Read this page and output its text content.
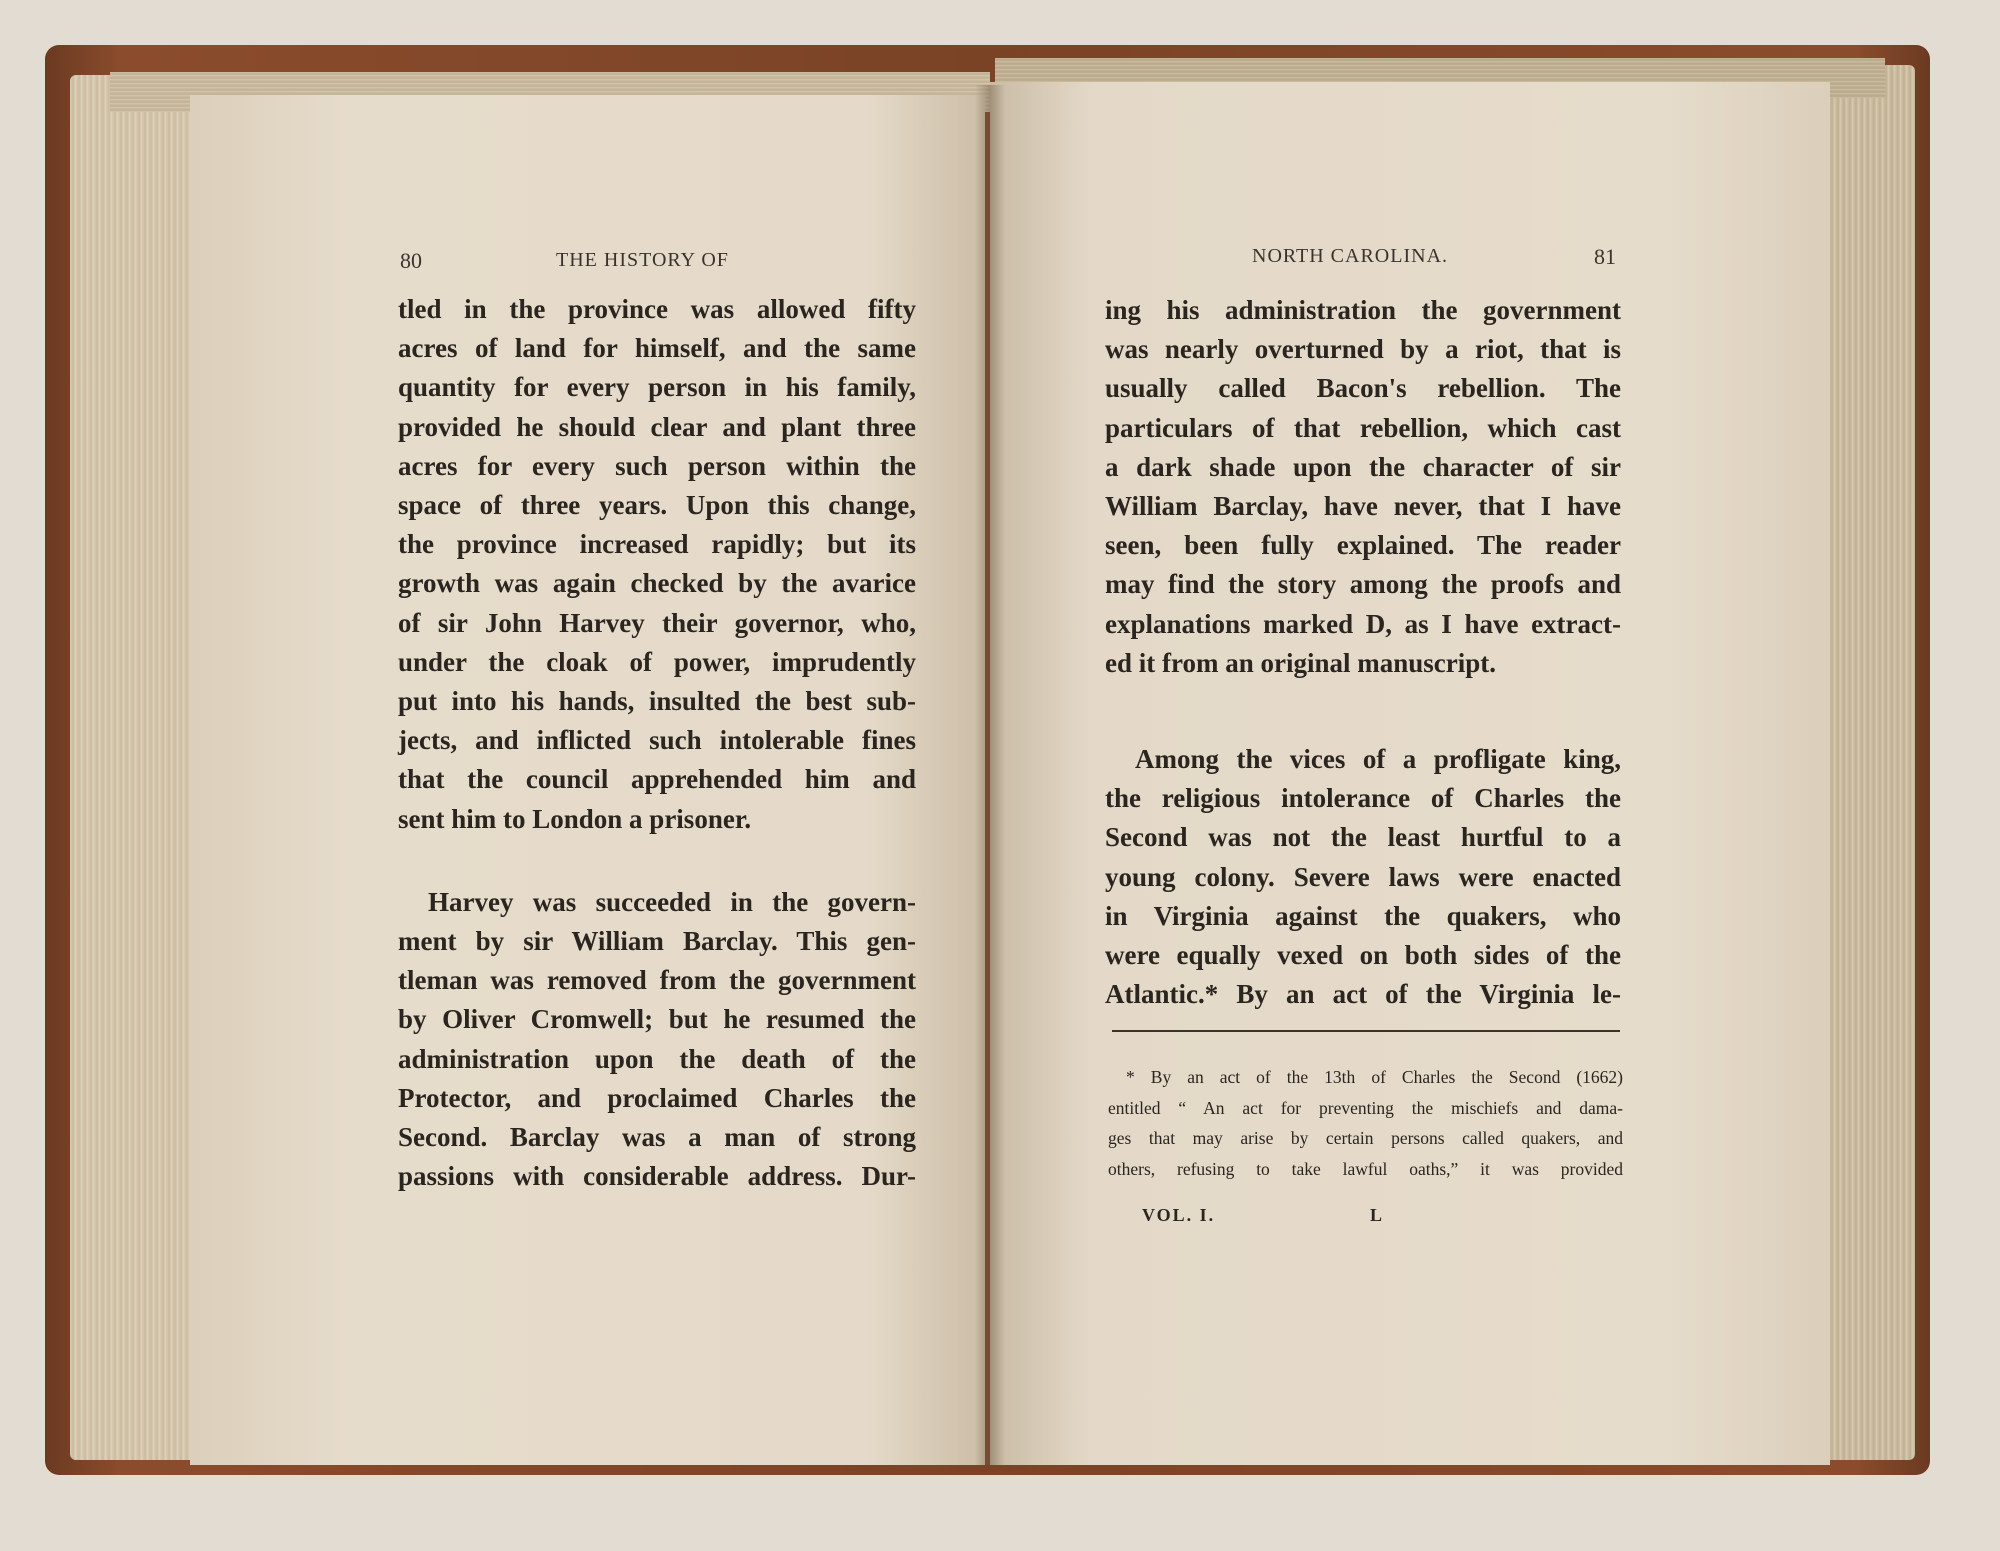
80	THE HISTORY OF
tled in the province was allowed fifty
acres of land for himself, and the same
quantity for every person in his family,
provided he should clear and plant three
acres for every such person within the
space of three years. Upon this change,
the province increased rapidly; but its
growth was again checked by the avarice
of sir John Harvey their governor, who,
under the cloak of power, imprudently
put into his hands, insulted the best sub-
jects, and inflicted such intolerable fines
that the council apprehended him and
sent him to London a prisoner.
Harvey was succeeded in the govern-
ment by sir William Barclay. This gen-
tleman was removed from the government
by Oliver Cromwell; but he resumed the
administration upon the death of the
Protector, and proclaimed Charles the
Second. Barclay was a man of strong
passions with considerable address. Dur-
NORTH CAROLINA.	81
ing his administration the government
was nearly overturned by a riot, that is
usually called Bacon's rebellion. The
particulars of that rebellion, which cast
a dark shade upon the character of sir
William Barclay, have never, that I have
seen, been fully explained. The reader
may find the story among the proofs and
explanations marked D, as I have extract-
ed it from an original manuscript.
Among the vices of a profligate king,
the religious intolerance of Charles the
Second was not the least hurtful to a
young colony. Severe laws were enacted
in Virginia against the quakers, who
were equally vexed on both sides of the
Atlantic.* By an act of the Virginia le-
* By an act of the 13th of Charles the Second (1662)
entitled “ An act for preventing the mischiefs and dama-
ges that may arise by certain persons called quakers, and
others, refusing to take lawful oaths,” it was provided
VOL. I.	L
